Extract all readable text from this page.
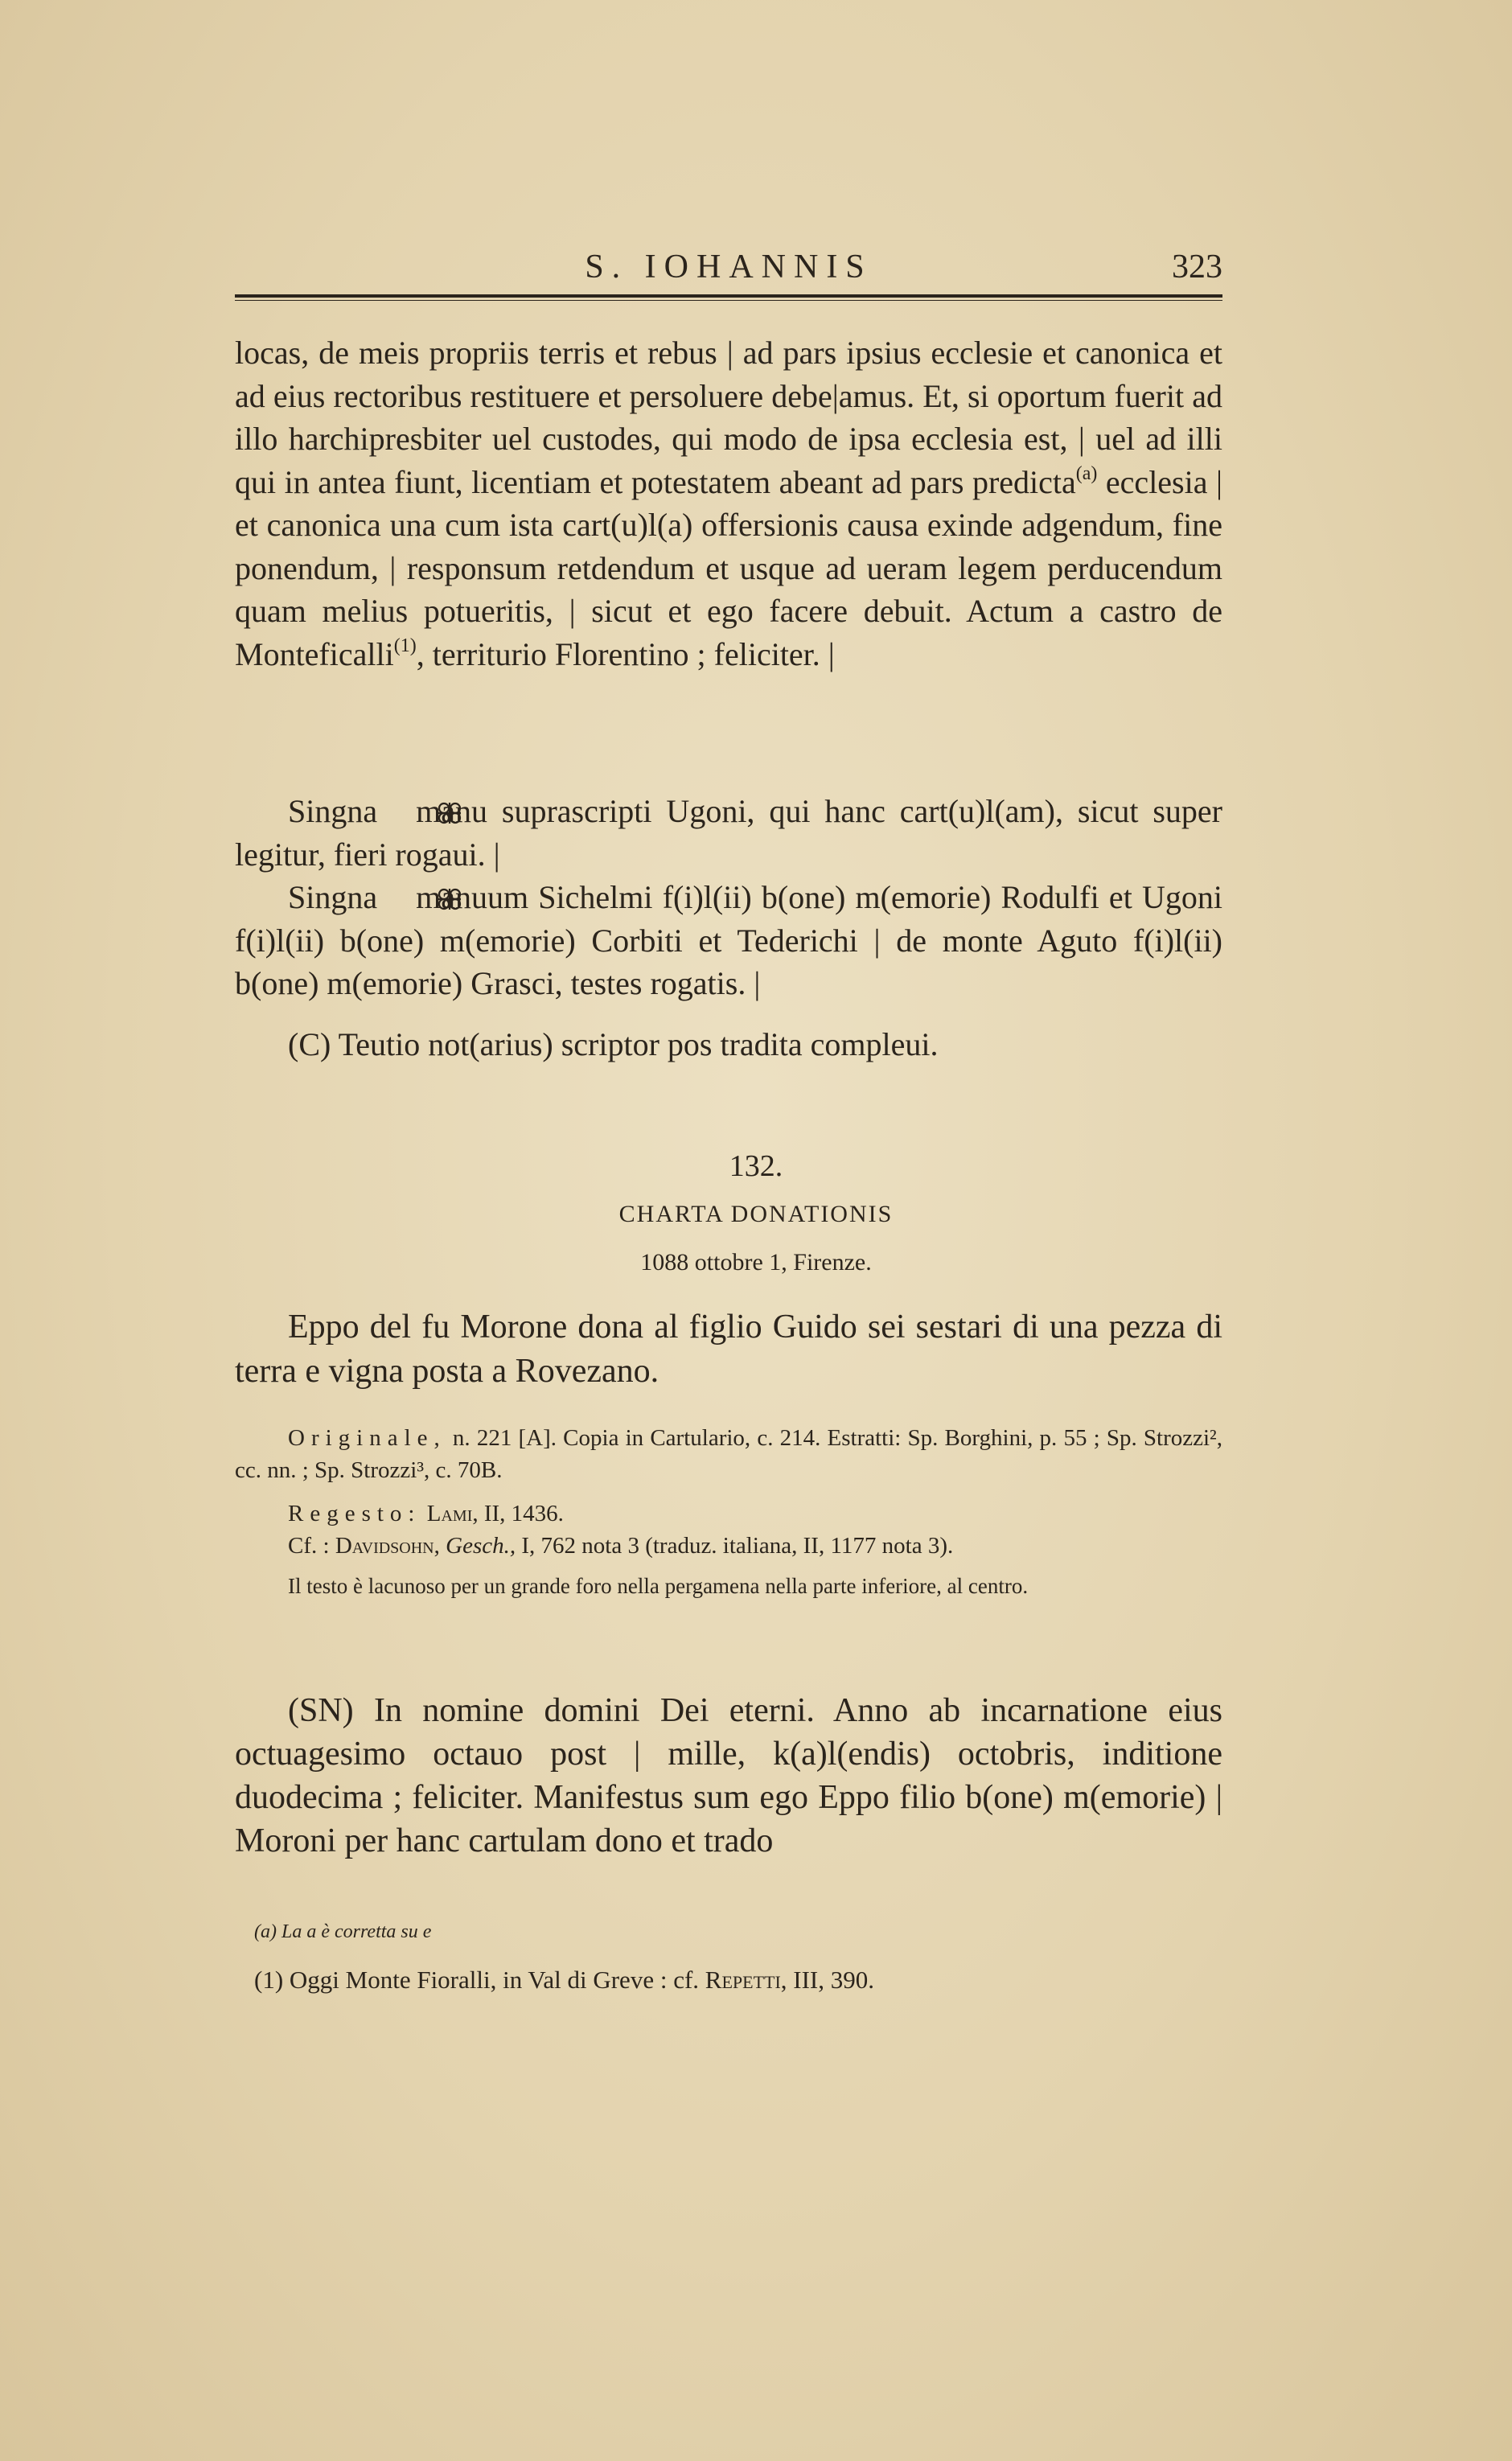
S. IOHANNIS	323

locas, de meis propriis terris et rebus | ad pars ipsius ecclesie et canonica et ad eius rectoribus restituere et persoluere debe|amus. Et, si oportum fuerit ad illo harchipresbiter uel custodes, qui modo de ipsa ecclesia est, | uel ad illi qui in antea fiunt, licentiam et potestatem abeant ad pars predicta$^{(a)}$ ecclesia | et canonica una cum ista cart(u)l(a) offersionis causa exinde adgendum, fine ponendum, | responsum retdendum et usque ad ueram legem perducendum quam melius potueritis, | sicut et ego facere debuit. Actum a castro de Monteficalli$^{(1)}$, territurio Florentino ; feliciter. |

Singna manu suprascripti Ugoni, qui hanc cart(u)l(am), sicut super legitur, fieri rogaui. |

Singna manuum Sichelmi f(i)l(ii) b(one) m(emorie) Rodulfi et Ugoni f(i)l(ii) b(one) m(emorie) Corbiti et Tederichi | de monte Aguto f(i)l(ii) b(one) m(emorie) Grasci, testes rogatis. |

(C) Teutio not(arius) scriptor pos tradita compleui.

132.
CHARTA DONATIONIS
1088 ottobre 1, Firenze.

Eppo del fu Morone dona al figlio Guido sei sestari di una pezza di terra e vigna posta a Rovezano.

Originale, n. 221 [A]. Copia in Cartulario, c. 214. Estratti: Sp. Borghini, p. 55 ; Sp. Strozzi², cc. nn. ; Sp. Strozzi³, c. 70B.

Regesto: Lami, II, 1436.

Cf. : Davidsohn, Gesch., I, 762 nota 3 (traduz. italiana, II, 1177 nota 3).

Il testo è lacunoso per un grande foro nella pergamena nella parte inferiore, al centro.

(SN) In nomine domini Dei eterni. Anno ab incarnatione eius octuagesimo octauo post | mille, k(a)l(endis) octobris, inditione duodecima ; feliciter. Manifestus sum ego Eppo filio b(one) m(emorie) | Moroni per hanc cartulam dono et trado

(a) La a è corretta su e

(1) Oggi Monte Fioralli, in Val di Greve : cf. Repetti, III, 390.
